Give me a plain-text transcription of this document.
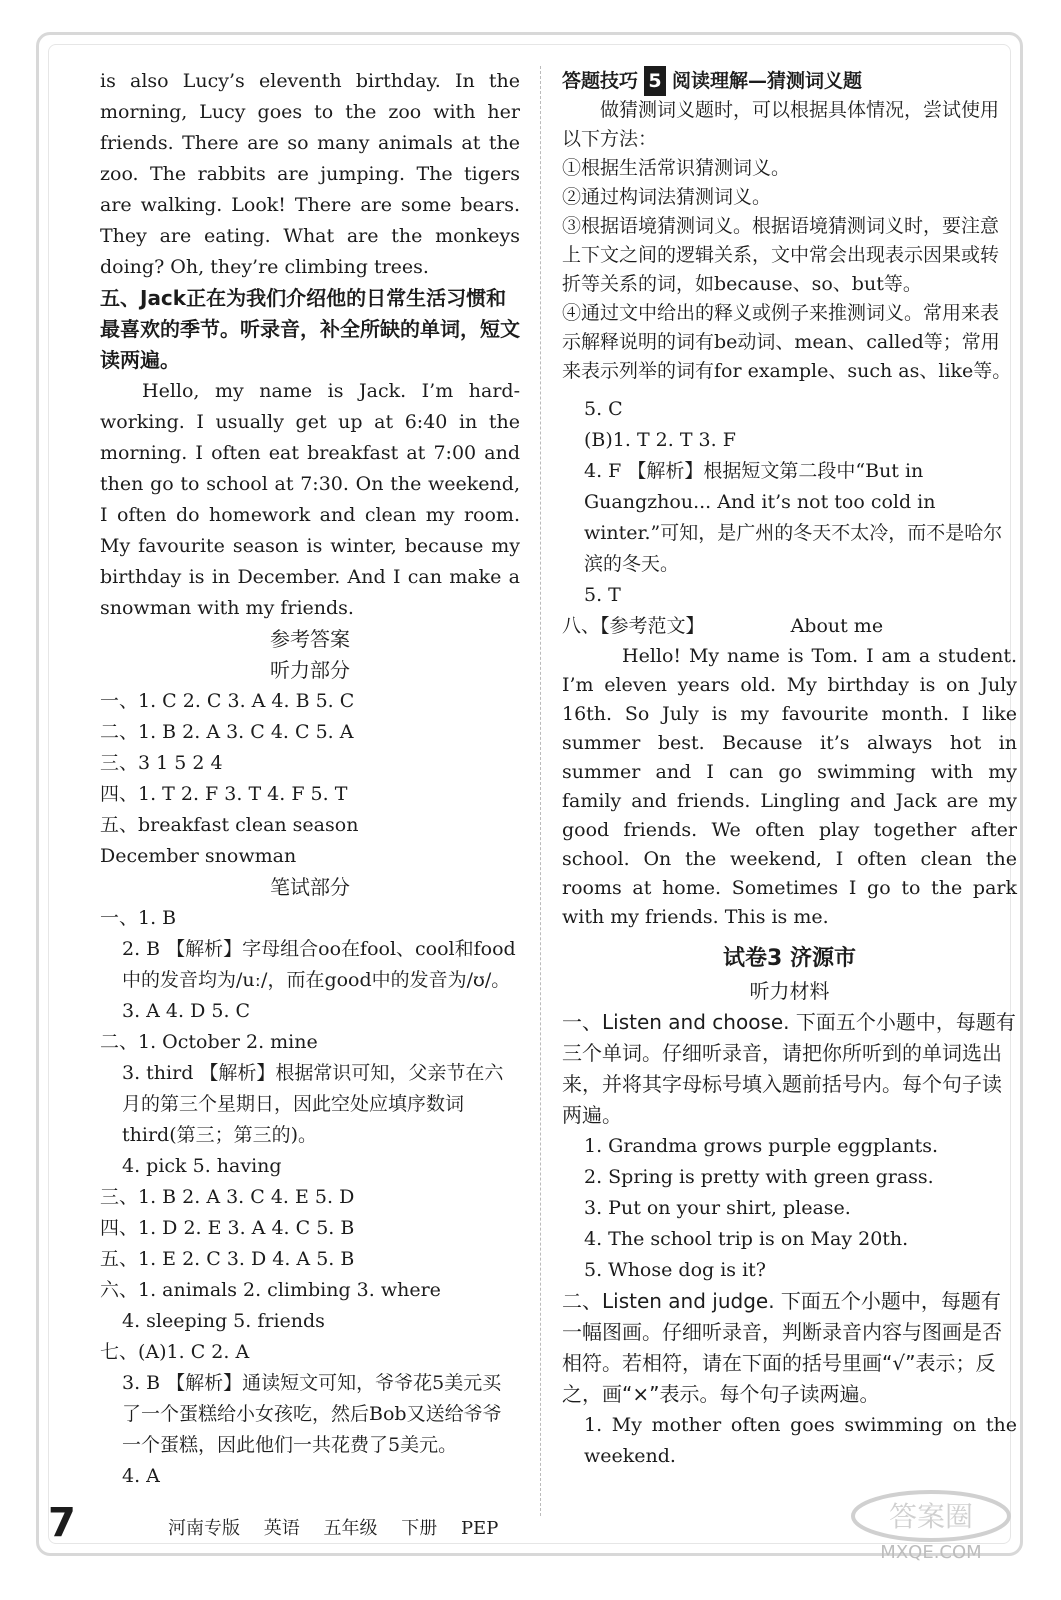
is also Lucy’s eleventh birthday. In the morning, Lucy goes to the zoo with her friends. There are so many animals at the zoo. The rabbits are jumping. The tigers are walking. Look! There are some bears. They are eating. What are the monkeys doing? Oh, they’re climbing trees.

五、Jack正在为我们介绍他的日常生活习惯和最喜欢的季节。听录音，补全所缺的单词，短文读两遍。

Hello, my name is Jack. I’m hard-working. I usually get up at 6:40 in the morning. I often eat breakfast at 7:00 and then go to school at 7:30. On the weekend, I often do homework and clean my room. My favourite season is winter, because my birthday is in December. And I can make a snowman with my friends.

参考答案

听力部分

一、1. C 2. C 3. A 4. B 5. C

二、1. B 2. A 3. C 4. C 5. A

三、3 1 5 2 4

四、1. T 2. F 3. T 4. F 5. T

五、breakfast clean season

December snowman

笔试部分

一、1. B

2. B 【解析】字母组合oo在fool、cool和food中的发音均为/uː/，而在good中的发音为/ʊ/。

3. A 4. D 5. C

二、1. October 2. mine

3. third 【解析】根据常识可知，父亲节在六月的第三个星期日，因此空处应填序数词third(第三；第三的)。

4. pick 5. having

三、1. B 2. A 3. C 4. E 5. D

四、1. D 2. E 3. A 4. C 5. B

五、1. E 2. C 3. D 4. A 5. B

六、1. animals 2. climbing 3. where

4. sleeping 5. friends

七、(A)1. C 2. A

3. B 【解析】通读短文可知，爷爷花5美元买了一个蛋糕给小女孩吃，然后Bob又送给爷爷一个蛋糕，因此他们一共花费了5美元。

4. A

答题技巧 5 阅读理解—猜测词义题

做猜测词义题时，可以根据具体情况，尝试使用以下方法：

①根据生活常识猜测词义。

②通过构词法猜测词义。

③根据语境猜测词义。根据语境猜测词义时，要注意上下文之间的逻辑关系，文中常会出现表示因果或转折等关系的词，如because、so、but等。

④通过文中给出的释义或例子来推测词义。常用来表示解释说明的词有be动词、mean、called等；常用来表示列举的词有for example、such as、like等。

5. C

(B)1. T 2. T 3. F

4. F 【解析】根据短文第二段中“But in Guangzhou... And it’s not too cold in winter.”可知，是广州的冬天不太冷，而不是哈尔滨的冬天。

5. T

八、【参考范文】	About me

Hello! My name is Tom. I am a student. I’m eleven years old. My birthday is on July 16th. So July is my favourite month. I like summer best. Because it’s always hot in summer and I can go swimming with my family and friends. Lingling and Jack are my good friends. We often play together after school. On the weekend, I often clean the rooms at home. Sometimes I go to the park with my friends. This is me.

试卷3 济源市

听力材料

一、Listen and choose. 下面五个小题中，每题有三个单词。仔细听录音，请把你所听到的单词选出来，并将其字母标号填入题前括号内。每个句子读两遍。

1. Grandma grows purple eggplants.

2. Spring is pretty with green grass.

3. Put on your shirt, please.

4. The school trip is on May 20th.

5. Whose dog is it?

二、Listen and judge. 下面五个小题中，每题有一幅图画。仔细听录音，判断录音内容与图画是否相符。若相符，请在下面的括号里画“√”表示；反之，画“×”表示。每个句子读两遍。

1. My mother often goes swimming on the weekend.

7	河南专版 英语 五年级 下册 PEP	答案圈
MXQE.COM
